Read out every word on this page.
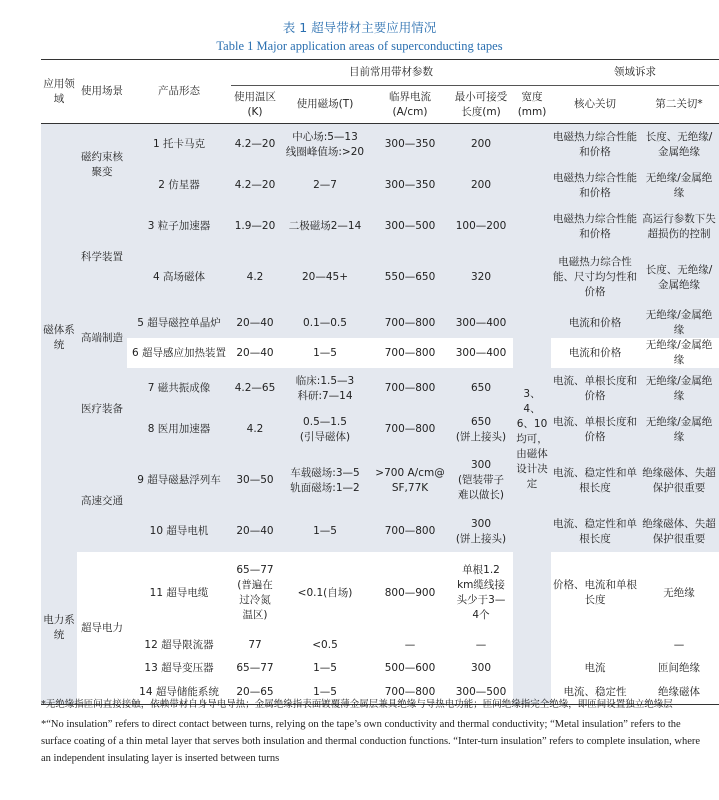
表 1 超导带材主要应用情况
Table 1 Major application areas of superconducting tapes
应用领域	使用场景	产品形态	目前常用带材参数					领域诉求	
			使用温区(K)	使用磁场(T)	临界电流(A/cm)	最小可接受长度(m)	宽度(mm)	核心关切	第二关切*
磁体系统	磁约束核聚变	1 托卡马克	4.2—20	中心场:5—13
线圈峰值场:>20	300—350	200		电磁热力综合性能和价格	长度、无绝缘/金属绝缘
		2 仿星器	4.2—20	2—7	300—350	200		电磁热力综合性能和价格	无绝缘/金属绝缘
	科学装置	3 粒子加速器	1.9—20	二极磁场2—14	300—500	100—200		电磁热力综合性能和价格	高运行参数下失超损伤的控制
		4 高场磁体	4.2	20—45+	550—650	320		电磁热力综合性能、尺寸均匀性和价格	长度、无绝缘/金属绝缘
	高端制造	5 超导磁控单晶炉	20—40	0.1—0.5	700—800	300—400		电流和价格	无绝缘/金属绝缘
		6 超导感应加热装置	20—40	1—5	700—800	300—400		电流和价格	无绝缘/金属绝缘
	医疗装备	7 磁共振成像	4.2—65	临床:1.5—3
科研:7—14	700—800	650	3、4、6、10均可，由磁体设计决定	电流、单根长度和价格	无绝缘/金属绝缘
		8 医用加速器	4.2	0.5—1.5
(引导磁体)	700—800	650
(饼上接头)		电流、单根长度和价格	无绝缘/金属绝缘
	高速交通	9 超导磁悬浮列车	30—50	车载磁场:3—5
轨面磁场:1—2	>700 A/cm@
SF,77K	300
(铠装带子
难以做长)		电流、稳定性和单根长度	绝缘磁体、失超保护很重要
		10 超导电机	20—40	1—5	700—800	300
(饼上接头)		电流、稳定性和单根长度	绝缘磁体、失超保护很重要
电力系统	超导电力	11 超导电缆	65—77
(普遍在
过冷氮
温区)	<0.1(自场)	800—900	单根1.2
km缆线接
头少于3—
4个		价格、电流和单根长度	无绝缘
		12 超导限流器	77	<0.5	—	—			—
		13 超导变压器	65—77	1—5	500—600	300		电流	匝间绝缘
		14 超导储能系统	20—65	1—5	700—800	300—500		电流、稳定性	绝缘磁体
*无绝缘指匝间直接接触，依赖带材自身导电导热；金属绝缘指表面镀覆薄金属层兼具绝缘与导热电功能；匝间绝缘指完全绝缘，即匝间设置独立绝缘层
*“No insulation” refers to direct contact between turns, relying on the tape’s own conductivity and thermal conductivity; “Metal insulation” refers to the surface coating of a thin metal layer that serves both insulation and thermal conduction functions. “Inter-turn insulation” refers to complete insulation, where an independent insulating layer is inserted between turns
